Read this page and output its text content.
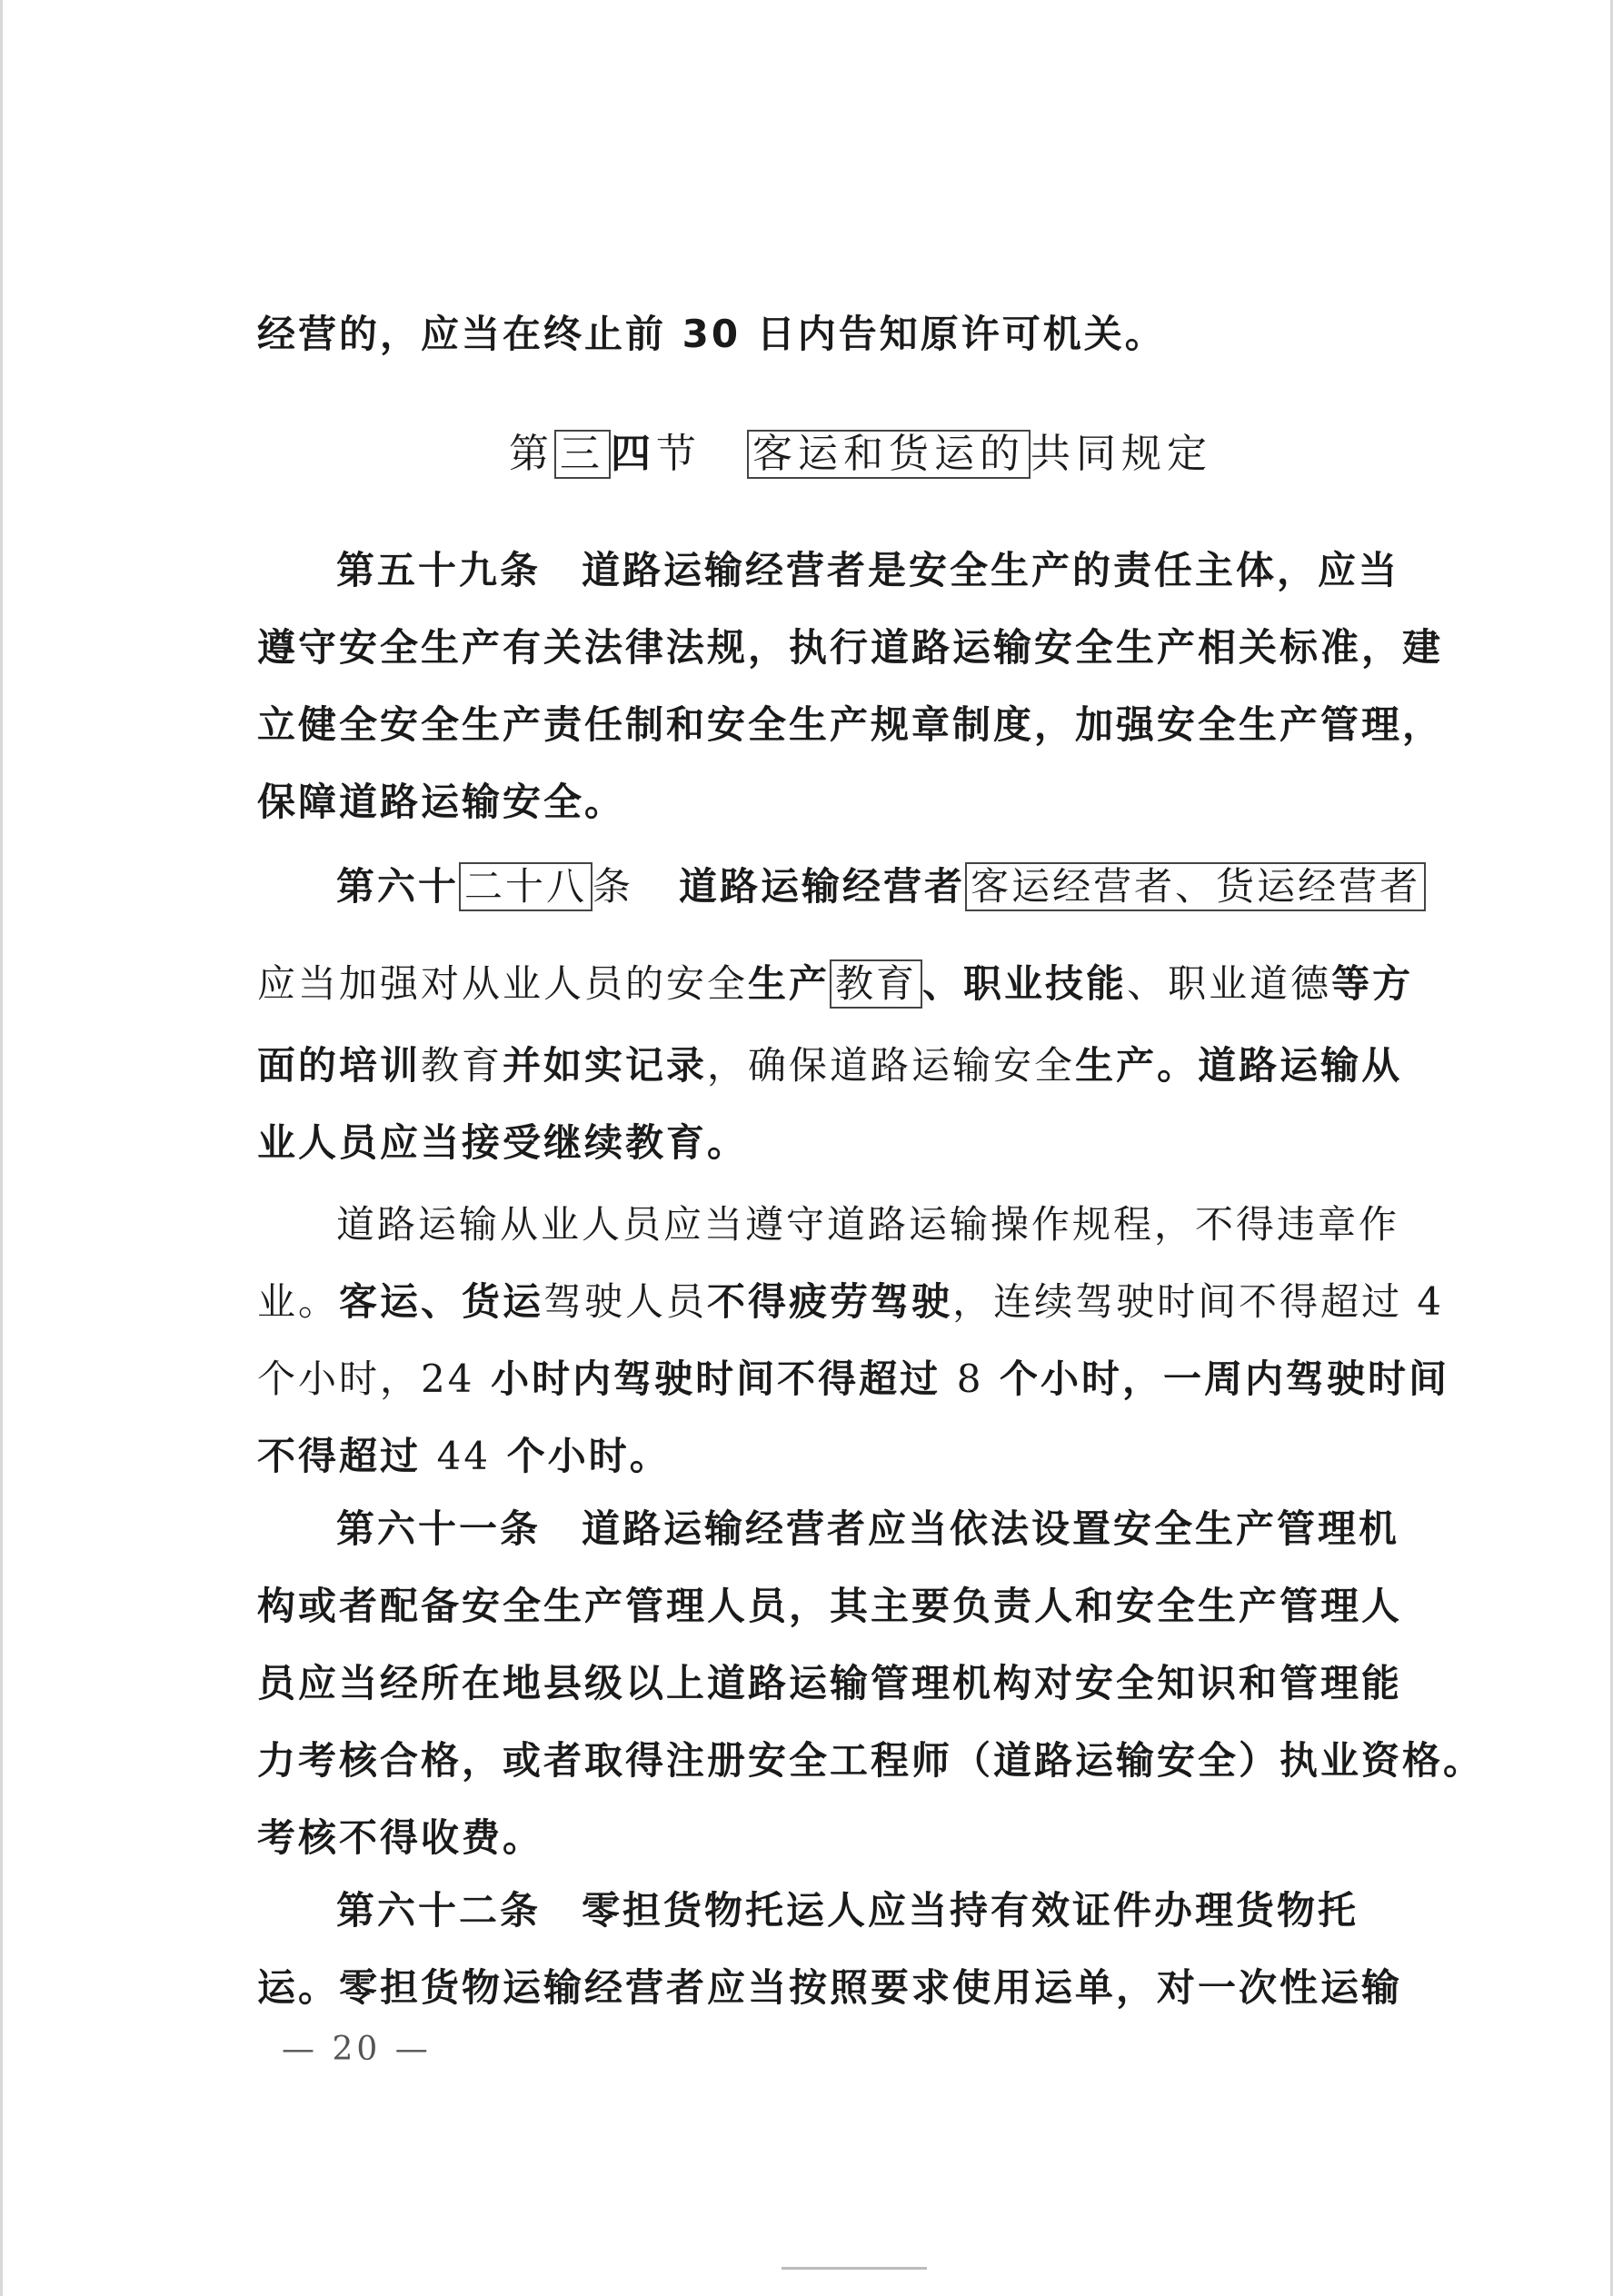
经营的，应当在终止前 30 日内告知原许可机关。
第 三 四节 客运和货运的 共同规定
第五十九条　道路运输经营者是安全生产的责任主体，应当
遵守安全生产有关法律法规，执行道路运输安全生产相关标准，建
立健全安全生产责任制和安全生产规章制度，加强安全生产管理，
保障道路运输安全。
第六十 二十八 条 道路运输经营者 客运经营者、货运经营者
应当加强对从业人员的安全生产 教育 、职业技能、职业道德等方
面的培训教育并如实记录，确保道路运输安全生产。道路运输从
业人员应当接受继续教育。
道路运输从业人员应当遵守道路运输操作规程，不得违章作
业。客运、货运驾驶人员不得疲劳驾驶，连续驾驶时间不得超过 4
个小时，24 小时内驾驶时间不得超过 8 个小时，一周内驾驶时间
不得超过 44 个小时。
第六十一条　道路运输经营者应当依法设置安全生产管理机
构或者配备安全生产管理人员，其主要负责人和安全生产管理人
员应当经所在地县级以上道路运输管理机构对安全知识和管理能
力考核合格，或者取得注册安全工程师（道路运输安全）执业资格。
考核不得收费。
第六十二条　零担货物托运人应当持有效证件办理货物托
运。零担货物运输经营者应当按照要求使用运单，对一次性运输
— 20 —
